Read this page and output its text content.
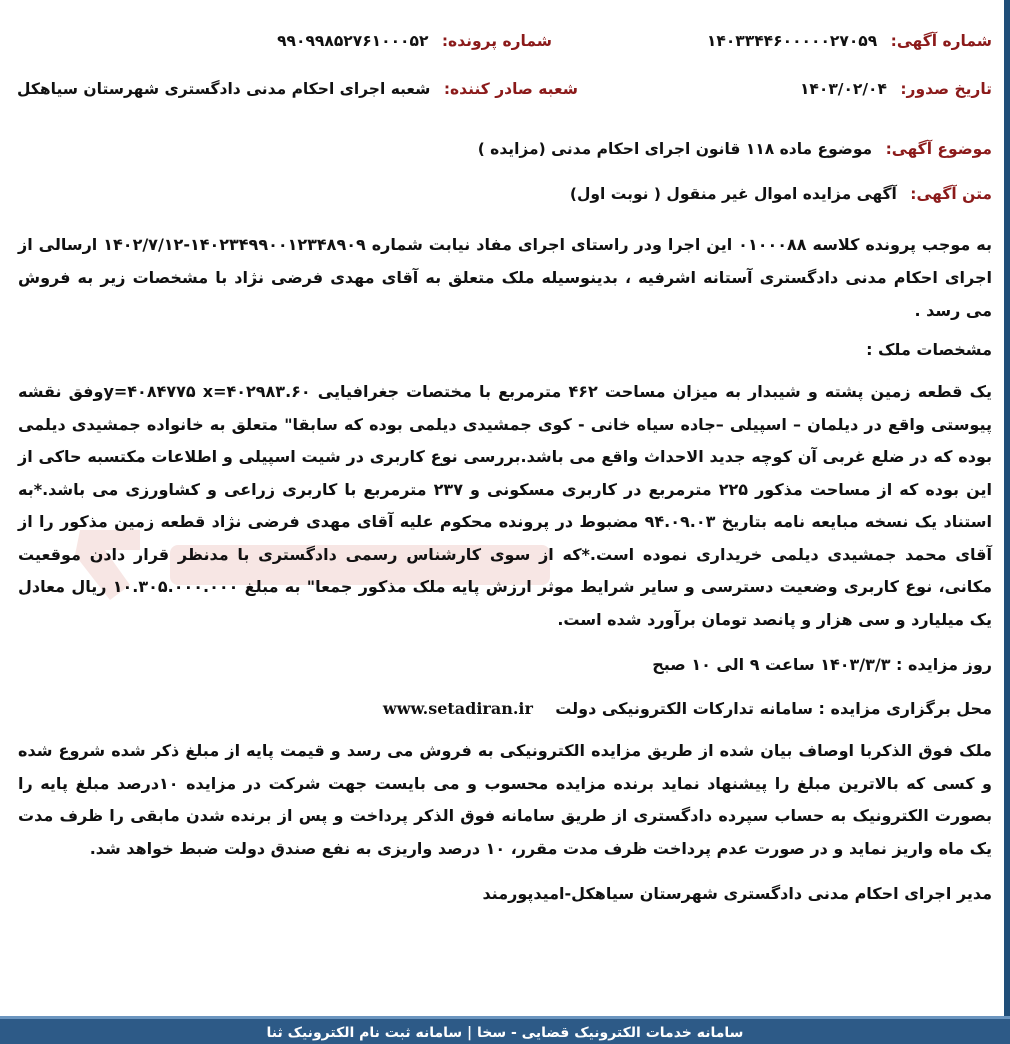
شماره آگهی: ۱۴۰۳۳۴۴۶۰۰۰۰۰۲۷۰۵۹
شماره پرونده: ۹۹۰۹۹۸۵۲۷۶۱۰۰۰۵۲
تاریخ صدور: ۱۴۰۳/۰۲/۰۴
شعبه صادر کننده: شعبه اجرای احکام مدنی دادگستری شهرستان سیاهکل
موضوع آگهی: موضوع ماده ۱۱۸ قانون اجرای احکام مدنی (مزایده )
متن آگهی: آگهی مزایده اموال غیر منقول ( نوبت اول)
به موجب پرونده کلاسه ۰۱۰۰۰۸۸ این اجرا ودر راستای اجرای مفاد نیابت شماره ۱۴۰۲۳۴۹۹۰۰۱۲۳۴۸۹۰۹-۱۴۰۲/۷/۱۲ ارسالی از اجرای احکام مدنی دادگستری آستانه اشرفیه ، بدینوسیله ملک متعلق به آقای مهدی فرضی نژاد با مشخصات زیر به فروش می رسد .
مشخصات ملک :
یک قطعه زمین پشته و شیبدار به میزان مساحت ۴۶۲ مترمربع با مختصات جغرافیایی y=۴۰۸۴۷۷۵ x=۴۰۲۹۸۳.۶۰وفق نقشه پیوستی واقع در دیلمان – اسپیلی –جاده سیاه خانی - کوی جمشیدی دیلمی بوده که سابقا" متعلق به خانواده جمشیدی دیلمی بوده که در ضلع غربی آن کوچه جدید الاحداث واقع می باشد.بررسی نوع کاربری در شیت اسپیلی و اطلاعات مکتسبه حاکی از این بوده که از مساحت مذکور ۲۲۵ مترمربع در کاربری مسکونی و ۲۳۷ مترمربع با کاربری زراعی و کشاورزی می باشد.*به استناد یک نسخه مبایعه نامه بتاریخ ۹۴.۰۹.۰۳ مضبوط در پرونده محکوم علیه آقای مهدی فرضی نژاد قطعه زمین مذکور را از آقای محمد جمشیدی دیلمی خریداری نموده است.*که از سوی کارشناس رسمی دادگستری با مدنظر قرار دادن موقعیت مکانی، نوع کاربری وضعیت دسترسی و سایر شرایط موثر ارزش پایه ملک مذکور جمعا" به مبلغ ۱۰.۳۰۵.۰۰۰.۰۰۰ ریال معادل یک میلیارد و سی هزار و پانصد تومان برآورد شده است.
روز مزایده : ۱۴۰۳/۳/۳ ساعت ۹ الی ۱۰ صبح
محل برگزاری مزایده : سامانه تدارکات الکترونیکی دولت    www.setadiran.ir
ملک فوق الذکربا اوصاف بیان شده از طریق مزایده الکترونیکی به فروش می رسد و قیمت پایه از مبلغ ذکر شده شروع شده و کسی که بالاترین مبلغ را پیشنهاد نماید برنده مزایده محسوب و می بایست جهت شرکت در مزایده ۱۰درصد مبلغ پایه را بصورت الکترونیک به حساب سپرده دادگستری از طریق سامانه فوق الذکر پرداخت و پس از برنده شدن مابقی را ظرف مدت یک ماه واریز نماید و در صورت عدم پرداخت ظرف مدت مقرر، ۱۰ درصد واریزی به نفع صندق دولت ضبط خواهد شد.
مدیر اجرای احکام مدنی دادگستری شهرستان سیاهکل-امیدپورمند
سامانه خدمات الکترونیک قضایی - سخا | سامانه ثبت نام الکترونیک ثنا
